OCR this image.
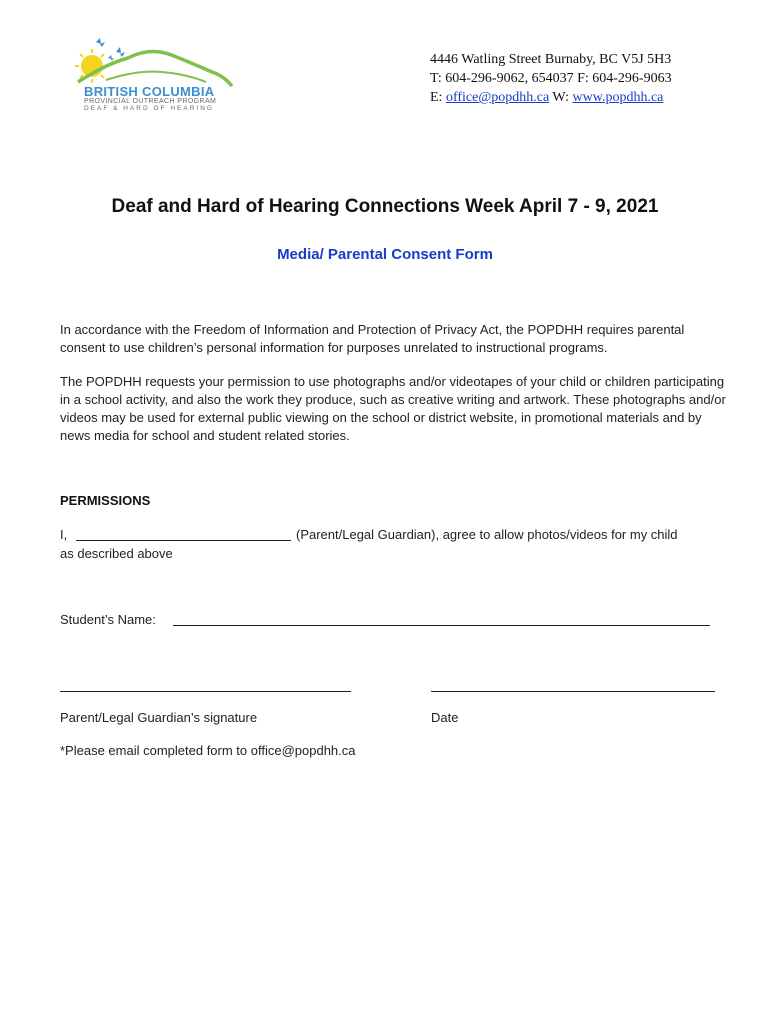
BRITISH COLUMBIA
PROVINCIAL OUTREACH PROGRAM
DEAF & HARD OF HEARING
4446 Watling Street Burnaby, BC V5J 5H3
T: 604-296-9062, 654037 F: 604-296-9063
E: office@popdhh.ca W: www.popdhh.ca
Deaf and Hard of Hearing Connections Week April 7 - 9, 2021
Media/ Parental Consent Form
In accordance with the Freedom of Information and Protection of Privacy Act, the POPDHH requires parental consent to use children’s personal information for purposes unrelated to instructional programs.
The POPDHH requests your permission to use photographs and/or videotapes of your child or children participating in a school activity, and also the work they produce, such as creative writing and artwork. These photographs and/or videos may be used for external public viewing on the school or district website, in promotional materials and by news media for school and student related stories.
PERMISSIONS
I,	(Parent/Legal Guardian), agree to allow photos/videos for my child
as described above
Student’s Name:
Parent/Legal Guardian’s signature	Date
*Please email completed form to office@popdhh.ca
